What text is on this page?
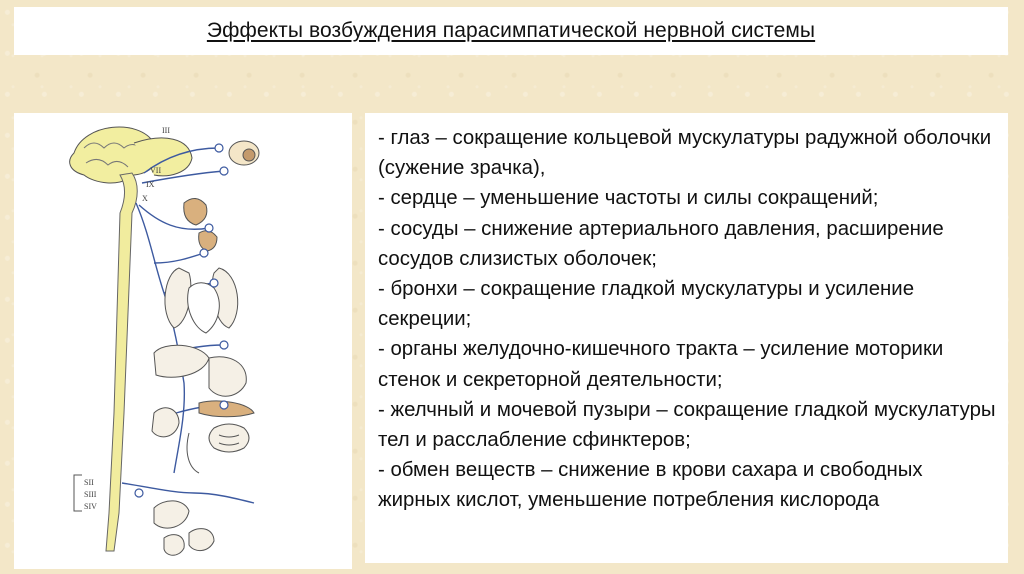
Эффекты возбуждения парасимпатической нервной системы
III
VII
IX
X
SII
SIII
SIV
- глаз – сокращение кольцевой мускулатуры радужной оболочки (сужение зрачка),
- сердце – уменьшение частоты и силы сокращений;
- сосуды – снижение артериального давления, расширение сосудов слизистых оболочек;
- бронхи – сокращение гладкой мускулатуры и усиление секреции;
- органы желудочно-кишечного тракта – усиление моторики стенок и секреторной деятельности;
- желчный и мочевой пузыри – сокращение гладкой мускулатуры тел и расслабление сфинктеров;
- обмен веществ – снижение в крови сахара и свободных жирных кислот, уменьшение потребления кислорода
